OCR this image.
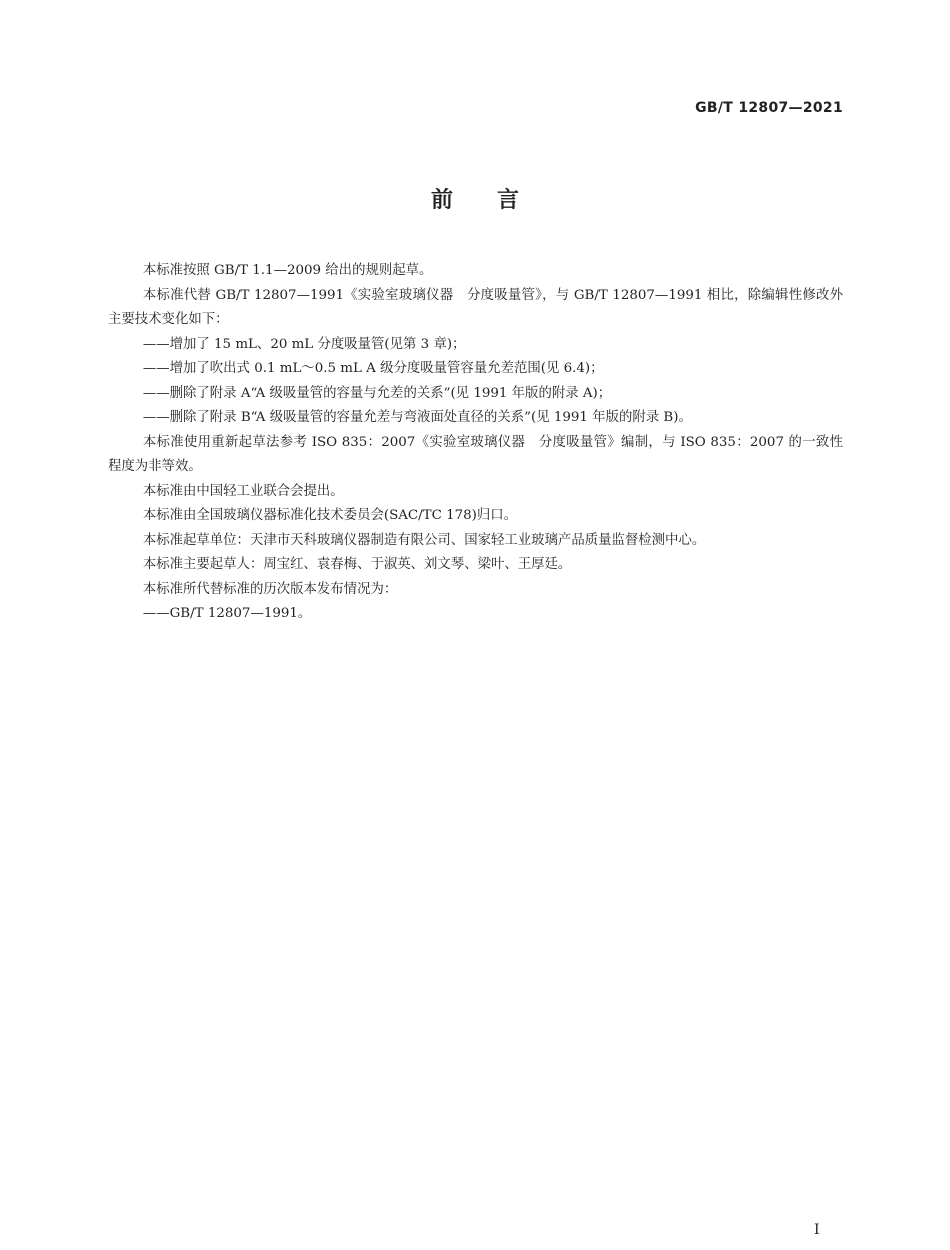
GB/T 12807—2021
前言

本标准按照 GB/T 1.1—2009 给出的规则起草。

本标准代替 GB/T 12807—1991《实验室玻璃仪器　分度吸量管》，与 GB/T 12807—1991 相比，除编辑性修改外主要技术变化如下：

——增加了 15 mL、20 mL 分度吸量管(见第 3 章)；

——增加了吹出式 0.1 mL～0.5 mL A 级分度吸量管容量允差范围(见 6.4)；

——删除了附录 A“A 级吸量管的容量与允差的关系”(见 1991 年版的附录 A)；

——删除了附录 B“A 级吸量管的容量允差与弯液面处直径的关系”(见 1991 年版的附录 B)。

本标准使用重新起草法参考 ISO 835：2007《实验室玻璃仪器　分度吸量管》编制，与 ISO 835：2007 的一致性程度为非等效。

本标准由中国轻工业联合会提出。

本标准由全国玻璃仪器标准化技术委员会(SAC/TC 178)归口。

本标准起草单位：天津市天科玻璃仪器制造有限公司、国家轻工业玻璃产品质量监督检测中心。

本标准主要起草人：周宝红、袁春梅、于淑英、刘文琴、梁叶、王厚廷。

本标准所代替标准的历次版本发布情况为：

——GB/T 12807—1991。

I
